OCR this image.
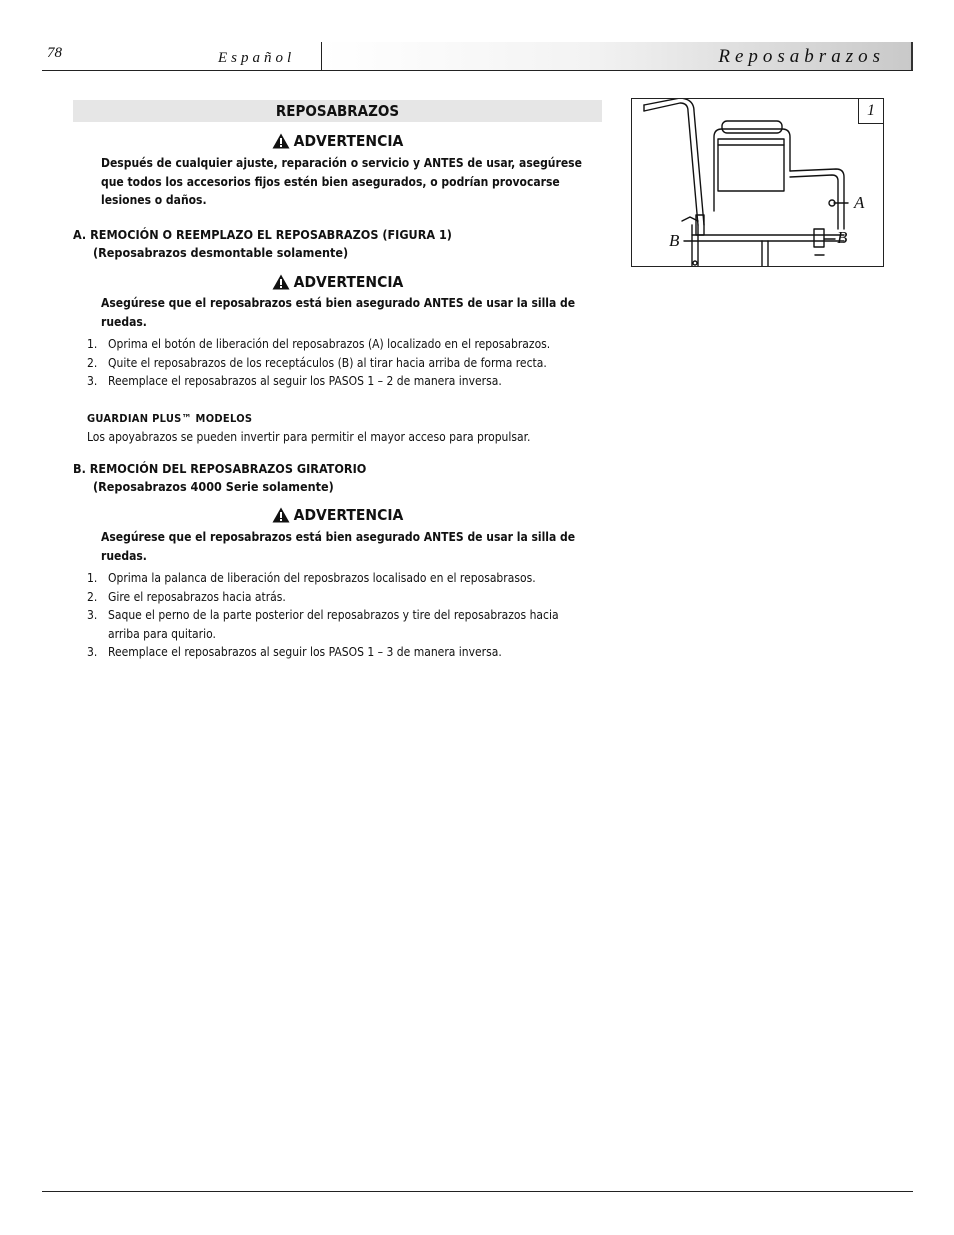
78	Español	Reposabrazos
REPOSABRAZOS
ADVERTENCIA
Después de cualquier ajuste, reparación o servicio y ANTES de usar, asegúrese que todos los accesorios fijos estén bien asegurados, o podrían provocarse lesiones o daños.
A. REMOCIÓN O REEMPLAZO EL REPOSABRAZOS (FIGURA 1)
(Reposabrazos desmontable solamente)
ADVERTENCIA
Asegúrese que el reposabrazos está bien asegurado ANTES de usar la silla de ruedas.
1. Oprima el botón de liberación del reposabrazos (A) localizado en el reposabrazos.
2. Quite el reposabrazos de los receptáculos (B) al tirar hacia arriba de forma recta.
3. Reemplace el reposabrazos al seguir los PASOS 1 – 2 de manera inversa.
GUARDIAN PLUS™ MODELOS
Los apoyabrazos se pueden invertir para permitir el mayor acceso para propulsar.
B. REMOCIÓN DEL REPOSABRAZOS GIRATORIO
(Reposabrazos 4000 Serie solamente)
ADVERTENCIA
Asegúrese que el reposabrazos está bien asegurado ANTES de usar la silla de ruedas.
1. Oprima la palanca de liberación del reposbrazos localisado en el reposabrasos.
2. Gire el reposabrazos hacia atrás.
3. Saque el perno de la parte posterior del reposabrazos y tire del reposabrazos hacia arriba para quitario.
3. Reemplace el reposabrazos al seguir los PASOS 1 – 3 de manera inversa.
1
A
B	B
